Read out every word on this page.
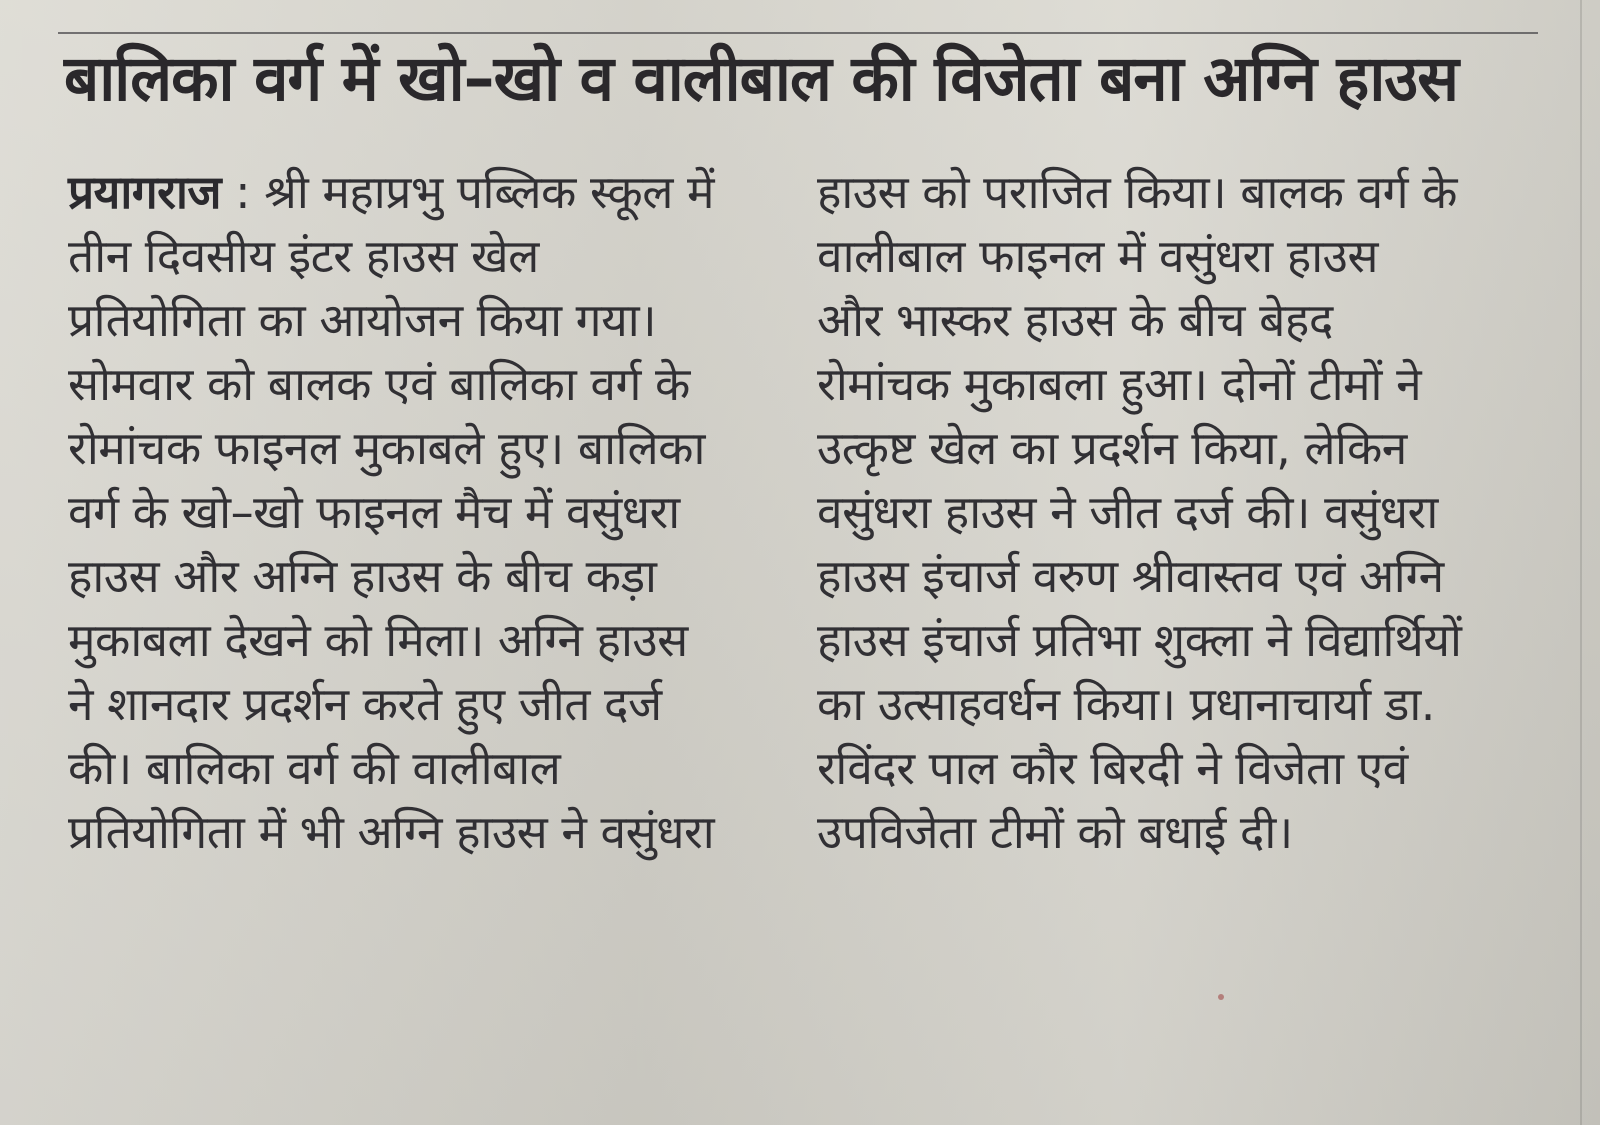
बालिका वर्ग में खो–खो व वालीबाल की विजेता बना अग्नि हाउस
प्रयागराज : श्री महाप्रभु पब्लिक स्कूल में
तीन दिवसीय इंटर हाउस खेल
प्रतियोगिता का आयोजन किया गया।
सोमवार को बालक एवं बालिका वर्ग के
रोमांचक फाइनल मुकाबले हुए। बालिका
वर्ग के खो–खो फाइनल मैच में वसुंधरा
हाउस और अग्नि हाउस के बीच कड़ा
मुकाबला देखने को मिला। अग्नि हाउस
ने शानदार प्रदर्शन करते हुए जीत दर्ज
की। बालिका वर्ग की वालीबाल
प्रतियोगिता में भी अग्नि हाउस ने वसुंधरा
हाउस को पराजित किया। बालक वर्ग के
वालीबाल फाइनल में वसुंधरा हाउस
और भास्कर हाउस के बीच बेहद
रोमांचक मुकाबला हुआ। दोनों टीमों ने
उत्कृष्ट खेल का प्रदर्शन किया, लेकिन
वसुंधरा हाउस ने जीत दर्ज की। वसुंधरा
हाउस इंचार्ज वरुण श्रीवास्तव एवं अग्नि
हाउस इंचार्ज प्रतिभा शुक्ला ने विद्यार्थियों
का उत्साहवर्धन किया। प्रधानाचार्या डा.
रविंदर पाल कौर बिरदी ने विजेता एवं
उपविजेता टीमों को बधाई दी।
